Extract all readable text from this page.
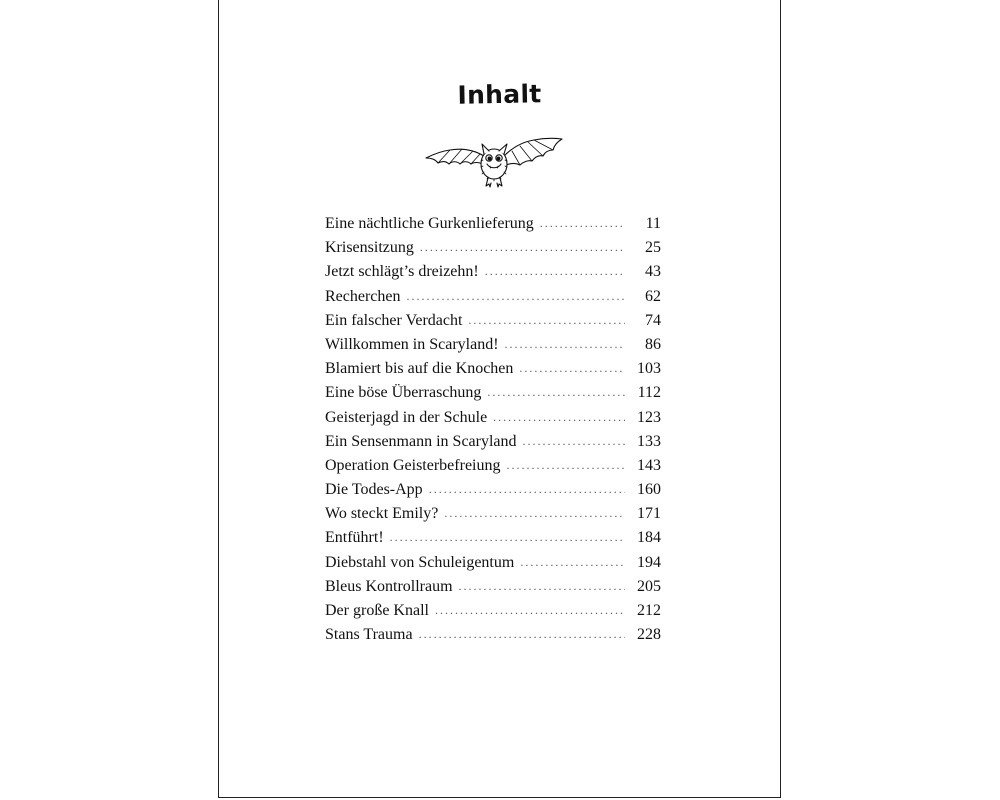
Inhalt
Eine nächtliche Gurkenlieferung .....	11
Krisensitzung .....	25
Jetzt schlägt’s dreizehn! .....	43
Recherchen .....	62
Ein falscher Verdacht .....	74
Willkommen in Scaryland! .....	86
Blamiert bis auf die Knochen .....	103
Eine böse Überraschung .....	112
Geisterjagd in der Schule .....	123
Ein Sensenmann in Scaryland .....	133
Operation Geisterbefreiung .....	143
Die Todes-App .....	160
Wo steckt Emily? .....	171
Entführt! .....	184
Diebstahl von Schuleigentum .....	194
Bleus Kontrollraum .....	205
Der große Knall .....	212
Stans Trauma .....	228
